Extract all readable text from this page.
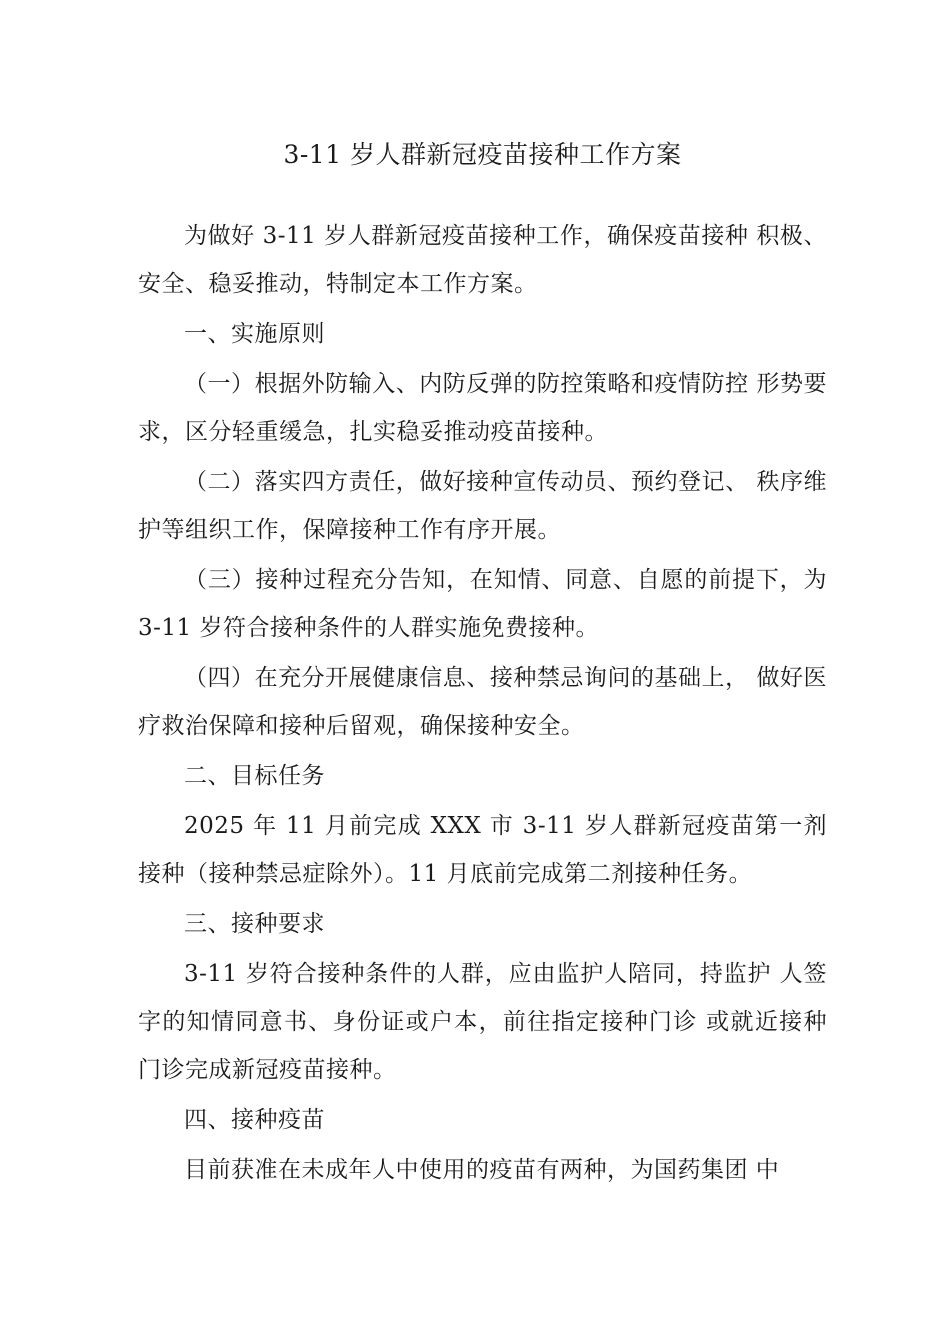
3-11 岁人群新冠疫苗接种工作方案

为做好 3-11 岁人群新冠疫苗接种工作，确保疫苗接种 积极、安全、稳妥推动，特制定本工作方案。

一、实施原则

（一）根据外防输入、内防反弹的防控策略和疫情防控 形势要求，区分轻重缓急，扎实稳妥推动疫苗接种。

（二）落实四方责任，做好接种宣传动员、预约登记、 秩序维护等组织工作，保障接种工作有序开展。

（三）接种过程充分告知，在知情、同意、自愿的前提下，为 3-11 岁符合接种条件的人群实施免费接种。

（四）在充分开展健康信息、接种禁忌询问的基础上， 做好医疗救治保障和接种后留观，确保接种安全。

二、目标任务

2025 年 11 月前完成 XXX 市 3-11 岁人群新冠疫苗第一剂 接种（接种禁忌症除外）。11 月底前完成第二剂接种任务。

三、接种要求

3-11 岁符合接种条件的人群，应由监护人陪同，持监护 人签字的知情同意书、身份证或户本，前往指定接种门诊 或就近接种门诊完成新冠疫苗接种。

四、接种疫苗

目前获准在未成年人中使用的疫苗有两种，为国药集团 中
